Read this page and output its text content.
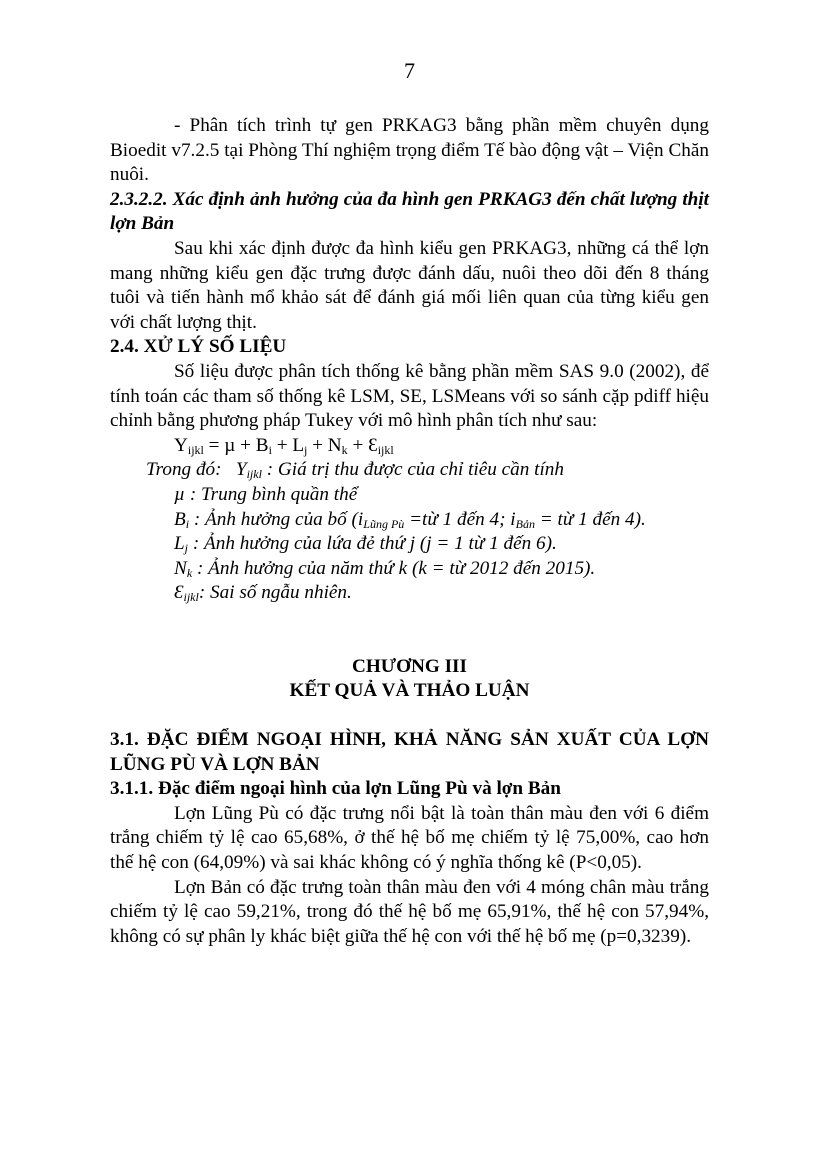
7

- Phân tích trình tự gen PRKAG3 bằng phần mềm chuyên dụng Bioedit v7.2.5 tại Phòng Thí nghiệm trọng điểm Tế bào động vật – Viện Chăn nuôi.

2.3.2.2. Xác định ảnh hưởng của đa hình gen PRKAG3 đến chất lượng thịt lợn Bản

Sau khi xác định được đa hình kiểu gen PRKAG3, những cá thể lợn mang những kiểu gen đặc trưng được đánh dấu, nuôi theo dõi đến 8 tháng tuôi và tiến hành mổ khảo sát để đánh giá mối liên quan của từng kiểu gen với chất lượng thịt.

2.4. XỬ LÝ SỐ LIỆU

Số liệu được phân tích thống kê bằng phần mềm SAS 9.0 (2002), để tính toán các tham số thống kê LSM, SE, LSMeans với so sánh cặp pdiff hiệu chỉnh bằng phương pháp Tukey với mô hình phân tích như sau:

$Y_{ijkl} = \mu + B_i + L_j + N_k$ + $Ɛ_{ijkl}$

Trong đó: $Y_{ijkl}$ : Giá trị thu được của chỉ tiêu cần tính

µ : Trung bình quần thể

$B_i$ : Ảnh hưởng của bố ($i_{Lũng Pù}$ =từ 1 đến 4; $i_{Bản}$ = từ 1 đến 4).

$L_j$ : Ảnh hưởng của lứa đẻ thứ j (j = 1 từ 1 đến 6).

$N_k$ : Ảnh hưởng của năm thứ k (k = từ 2012 đến 2015).

$Ɛ_{ijkl}$: Sai số ngẫu nhiên.

CHƯƠNG III

KẾT QUẢ VÀ THẢO LUẬN

3.1. ĐẶC ĐIỂM NGOẠI HÌNH, KHẢ NĂNG SẢN XUẤT CỦA LỢN LŨNG PÙ VÀ LỢN BẢN

3.1.1. Đặc điểm ngoại hình của lợn Lũng Pù và lợn Bản

Lợn Lũng Pù có đặc trưng nổi bật là toàn thân màu đen với 6 điểm trắng chiếm tỷ lệ cao 65,68%, ở thế hệ bố mẹ chiếm tỷ lệ 75,00%, cao hơn thế hệ con (64,09%) và sai khác không có ý nghĩa thống kê (P<0,05).

Lợn Bản có đặc trưng toàn thân màu đen với 4 móng chân màu trắng chiếm tỷ lệ cao 59,21%, trong đó thế hệ bố mẹ 65,91%, thế hệ con 57,94%, không có sự phân ly khác biệt giữa thế hệ con với thế hệ bố mẹ (p=0,3239).
